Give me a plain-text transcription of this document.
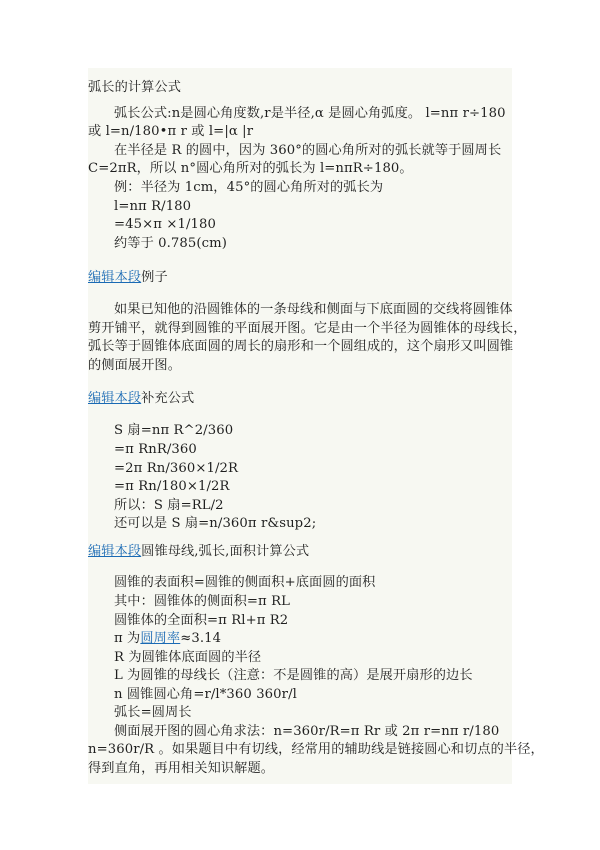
弧长的计算公式
弧长公式:n是圆心角度数,r是半径,α 是圆心角弧度。 l=nπ r÷180
或 l=n/180•π r 或 l=|α |r
在半径是 R 的圆中，因为 360°的圆心角所对的弧长就等于圆周长
C=2πR，所以 n°圆心角所对的弧长为 l=nπR÷180。
例：半径为 1cm，45°的圆心角所对的弧长为
l=nπ R/180
=45×π ×1/180
约等于 0.785(cm)
编辑本段例子
如果已知他的沿圆锥体的一条母线和侧面与下底面圆的交线将圆锥体
剪开铺平，就得到圆锥的平面展开图。它是由一个半径为圆锥体的母线长，
弧长等于圆锥体底面圆的周长的扇形和一个圆组成的，这个扇形又叫圆锥
的侧面展开图。
编辑本段补充公式
S 扇=nπ R^2/360
=π RnR/360
=2π Rn/360×1/2R
=π Rn/180×1/2R
所以：S 扇=RL/2
还可以是 S 扇=n/360π r&sup2;
编辑本段圆锥母线,弧长,面积计算公式
圆锥的表面积=圆锥的侧面积+底面圆的面积
其中：圆锥体的侧面积=π RL
圆锥体的全面积=π Rl+π R2
π 为圆周率≈3.14
R 为圆锥体底面圆的半径
L 为圆锥的母线长（注意：不是圆锥的高）是展开扇形的边长
n 圆锥圆心角=r/l*360 360r/l
弧长=圆周长
侧面展开图的圆心角求法：n=360r/R=π Rr 或 2π r=nπ r/180
n=360r/R 。如果题目中有切线，经常用的辅助线是链接圆心和切点的半径，
得到直角，再用相关知识解题。
